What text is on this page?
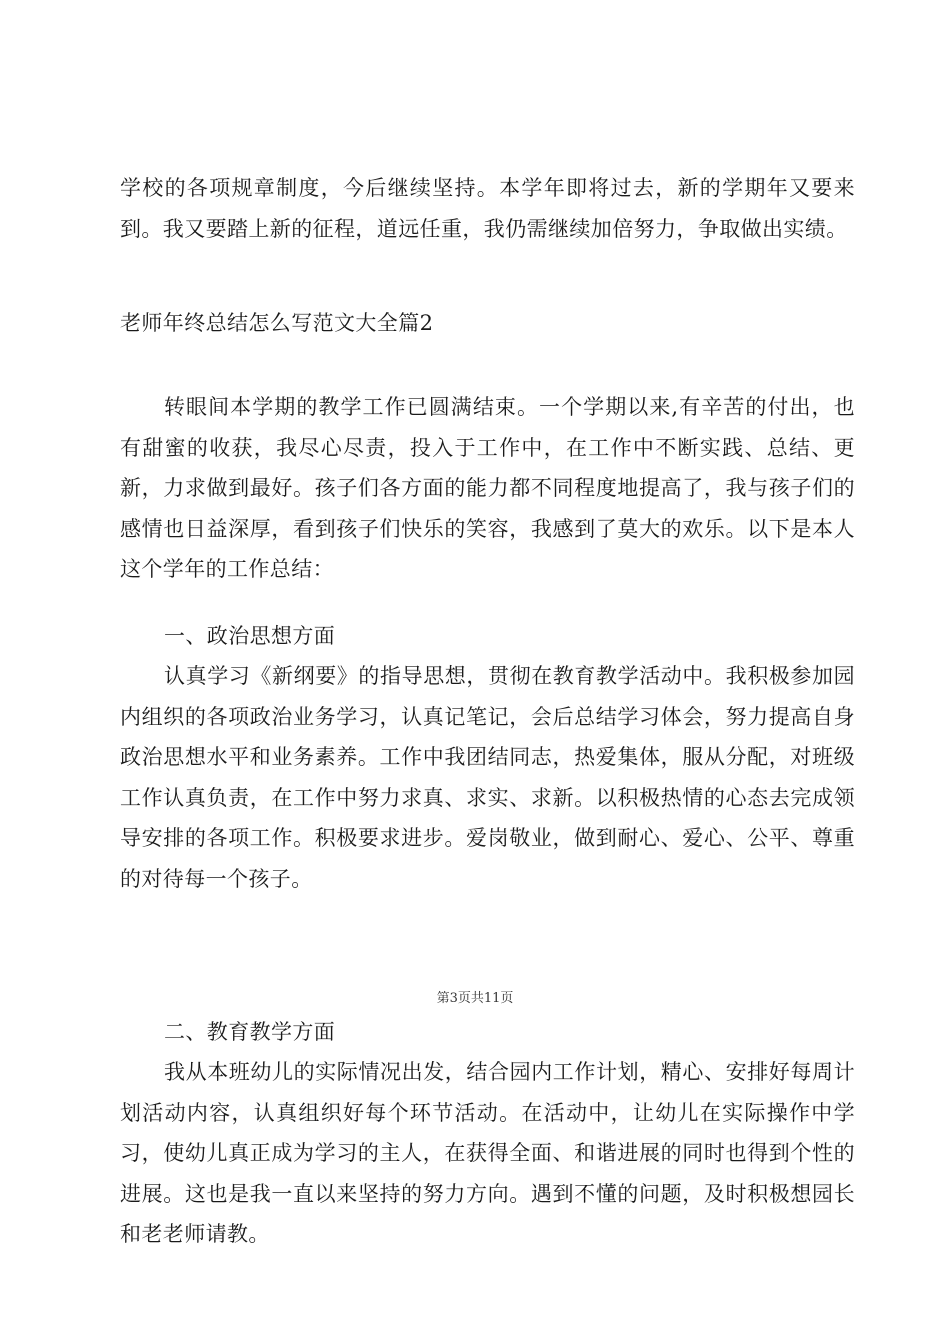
学校的各项规章制度，今后继续坚持。本学年即将过去，新的学期年又要来到。我又要踏上新的征程，道远任重，我仍需继续加倍努力，争取做出实绩。

老师年终总结怎么写范文大全篇2

转眼间本学期的教学工作已圆满结束。一个学期以来,有辛苦的付出，也有甜蜜的收获，我尽心尽责，投入于工作中，在工作中不断实践、总结、更新，力求做到最好。孩子们各方面的能力都不同程度地提高了，我与孩子们的感情也日益深厚，看到孩子们快乐的笑容，我感到了莫大的欢乐。以下是本人这个学年的工作总结：

一、政治思想方面

认真学习《新纲要》的指导思想，贯彻在教育教学活动中。我积极参加园内组织的各项政治业务学习，认真记笔记，会后总结学习体会，努力提高自身政治思想水平和业务素养。工作中我团结同志，热爱集体，服从分配，对班级工作认真负责，在工作中努力求真、求实、求新。以积极热情的心态去完成领导安排的各项工作。积极要求进步。爱岗敬业，做到耐心、爱心、公平、尊重的对待每一个孩子。

第3页共11页

二、教育教学方面

我从本班幼儿的实际情况出发，结合园内工作计划，精心、安排好每周计划活动内容，认真组织好每个环节活动。在活动中，让幼儿在实际操作中学习，使幼儿真正成为学习的主人，在获得全面、和谐进展的同时也得到个性的进展。这也是我一直以来坚持的努力方向。遇到不懂的问题，及时积极想园长和老老师请教。
